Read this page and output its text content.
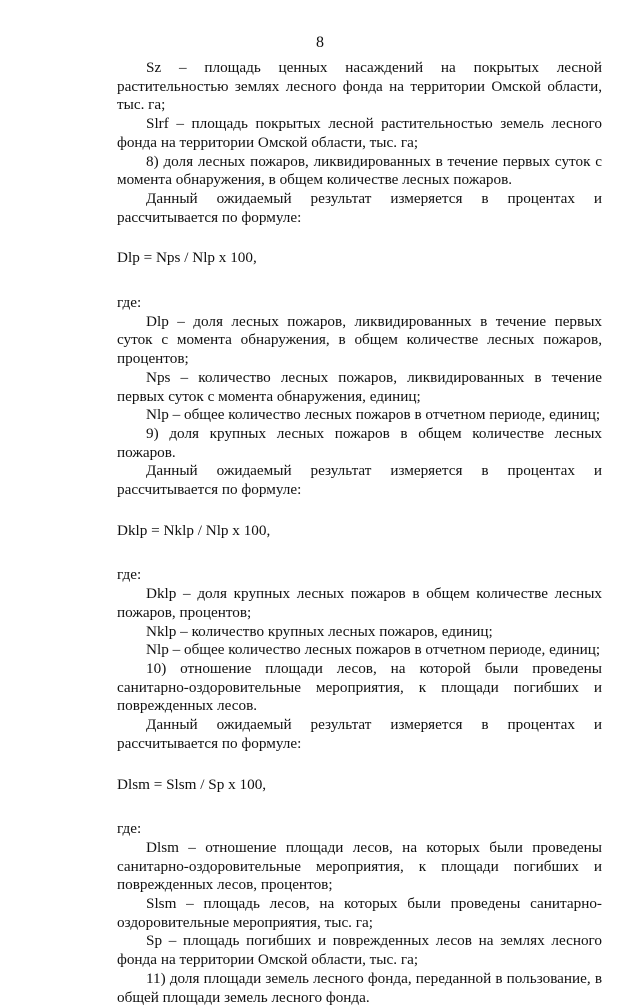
8

Sz – площадь ценных насаждений на покрытых лесной растительностью землях лесного фонда на территории Омской области, тыс. га;

Slrf – площадь покрытых лесной растительностью земель лесного фонда на территории Омской области, тыс. га;

8) доля лесных пожаров, ликвидированных в течение первых суток с момента обнаружения, в общем количестве лесных пожаров.

Данный ожидаемый результат измеряется в процентах и рассчитывается по формуле:

Dlp = Nps / Nlp x 100,

где:

Dlp – доля лесных пожаров, ликвидированных в течение первых суток с момента обнаружения, в общем количестве лесных пожаров, процентов;

Nps – количество лесных пожаров, ликвидированных в течение первых суток с момента обнаружения, единиц;

Nlp – общее количество лесных пожаров в отчетном периоде, единиц;

9) доля крупных лесных пожаров в общем количестве лесных пожаров.

Данный ожидаемый результат измеряется в процентах и рассчитывается по формуле:

Dklp = Nklp / Nlp x 100,

где:

Dklp – доля крупных лесных пожаров в общем количестве лесных пожаров, процентов;

Nklp – количество крупных лесных пожаров, единиц;

Nlp – общее количество лесных пожаров в отчетном периоде, единиц;

10) отношение площади лесов, на которой были проведены санитарно-оздоровительные мероприятия, к площади погибших и поврежденных лесов.

Данный ожидаемый результат измеряется в процентах и рассчитывается по формуле:

Dlsm = Slsm / Sp x 100,

где:

Dlsm – отношение площади лесов, на которых были проведены санитарно-оздоровительные мероприятия, к площади погибших и поврежденных лесов, процентов;

Slsm – площадь лесов, на которых были проведены санитарно-оздоровительные мероприятия, тыс. га;

Sp – площадь погибших и поврежденных лесов на землях лесного фонда на территории Омской области, тыс. га;

11) доля площади земель лесного фонда, переданной в пользование, в общей площади земель лесного фонда.
